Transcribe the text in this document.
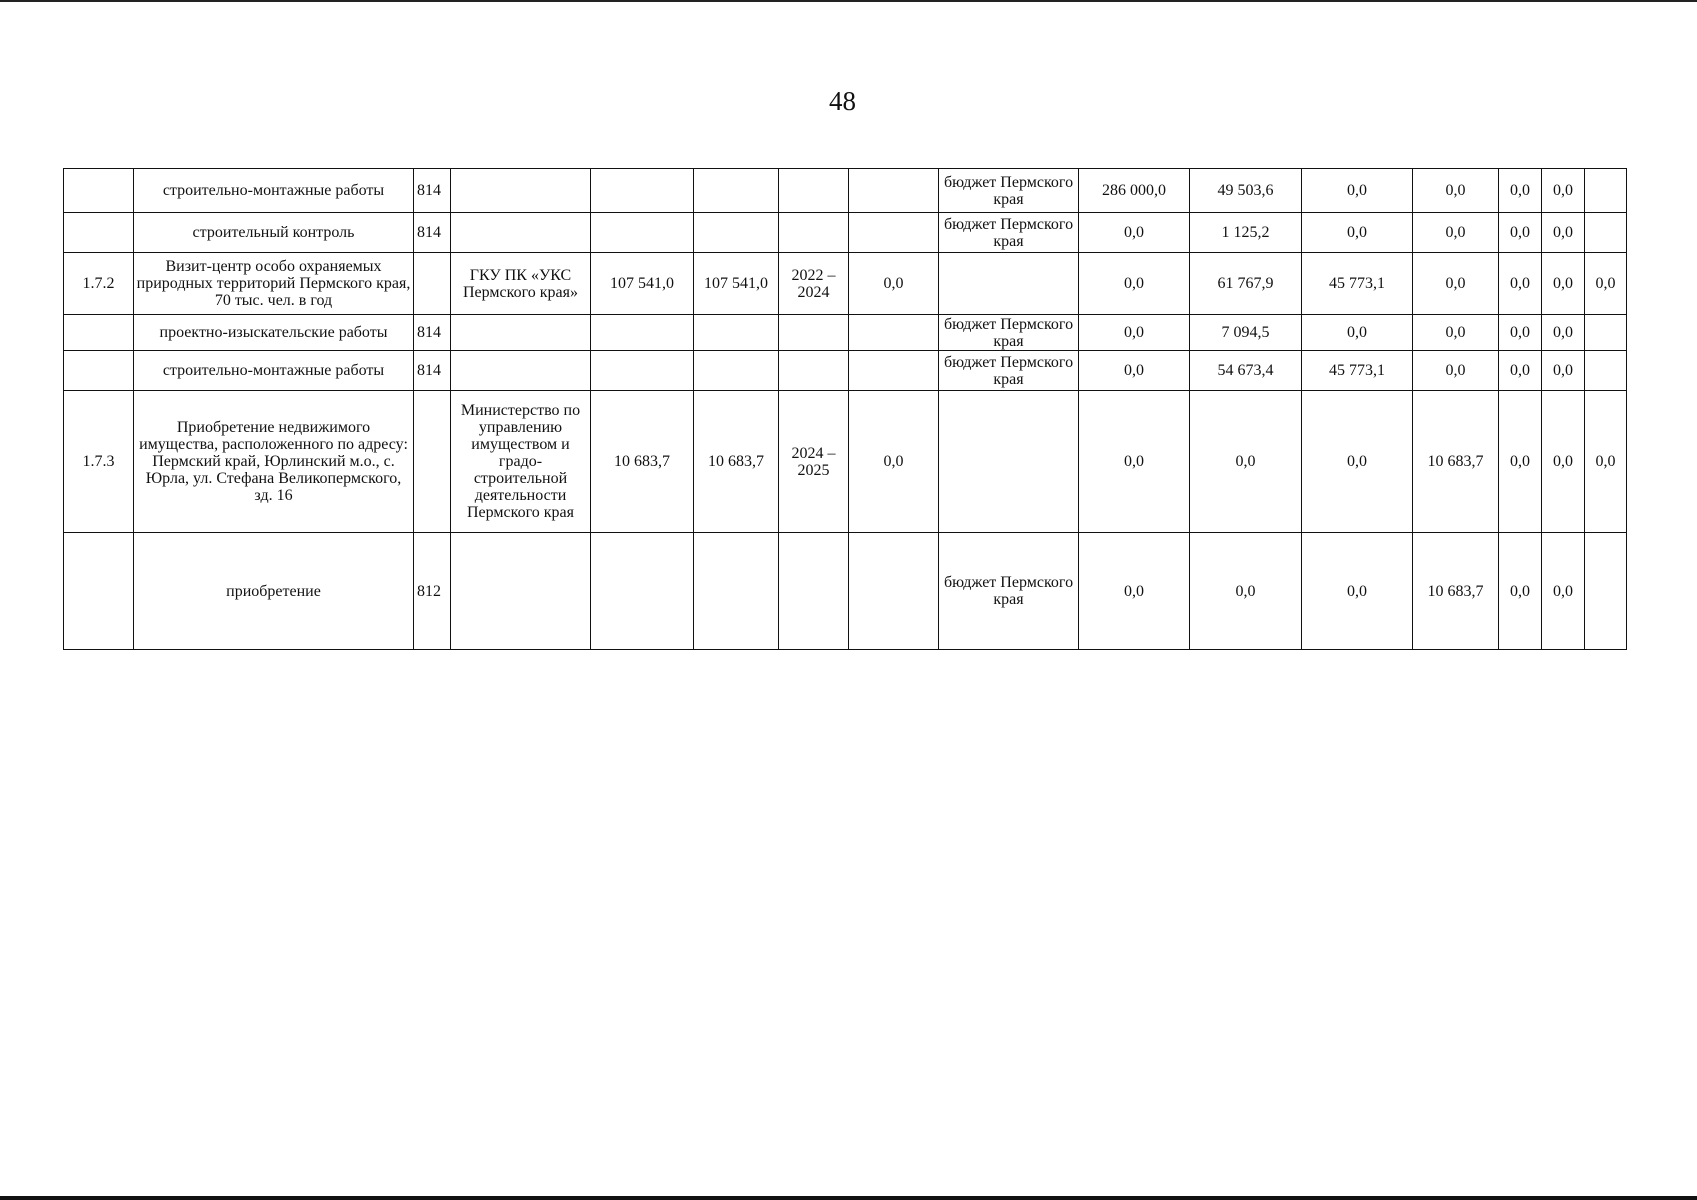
48
	строительно-монтажные работы	814						бюджет Пермского края	286 000,0	49 503,6	0,0	0,0	0,0	0,0	
	строительный контроль	814						бюджет Пермского края	0,0	1 125,2	0,0	0,0	0,0	0,0	
1.7.2	Визит-центр особо охраняемых природных территорий Пермского края, 70 тыс. чел. в год		ГКУ ПК «УКС Пермского края»	107 541,0	107 541,0	2022 – 2024	0,0		0,0	61 767,9	45 773,1	0,0	0,0	0,0	0,0
	проектно-изыскательские работы	814						бюджет Пермского края	0,0	7 094,5	0,0	0,0	0,0	0,0	
	строительно-монтажные работы	814						бюджет Пермского края	0,0	54 673,4	45 773,1	0,0	0,0	0,0	
1.7.3	Приобретение недвижимого имущества, расположенного по адресу: Пермский край, Юрлинский м.о., с. Юрла, ул. Стефана Великопермского, зд. 16		Министерство по управлению имуществом и градо-строительной деятельности Пермского края	10 683,7	10 683,7	2024 – 2025	0,0		0,0	0,0	0,0	10 683,7	0,0	0,0	0,0
	приобретение	812						бюджет Пермского края	0,0	0,0	0,0	10 683,7	0,0	0,0	
